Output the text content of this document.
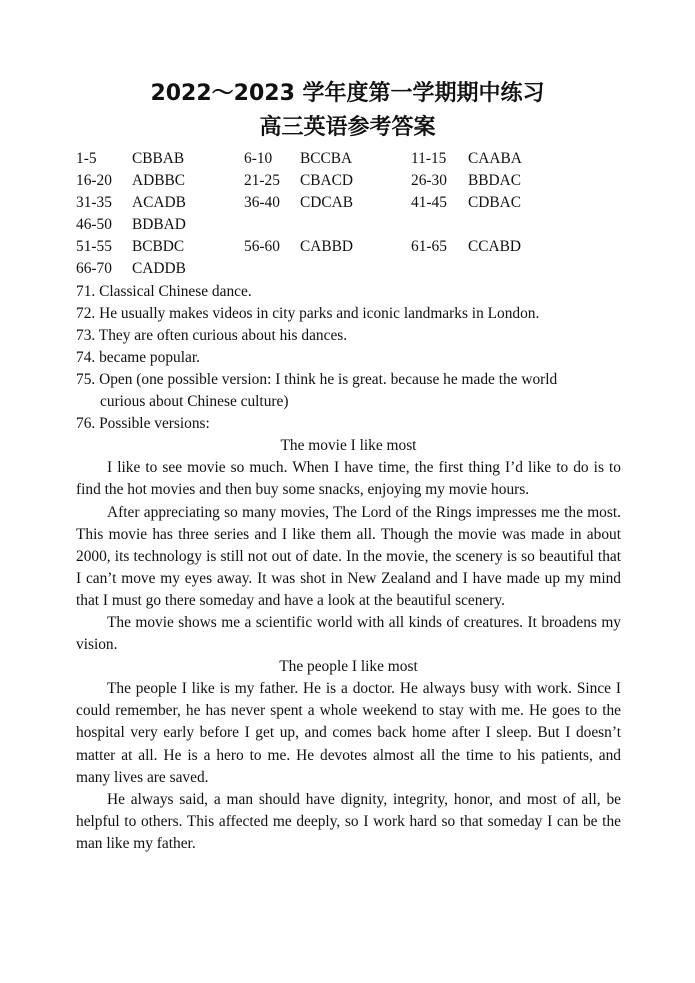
2022～2023 学年度第一学期期中练习
高三英语参考答案
1-5 CBBAB	6-10 BCCBA	11-15 CAABA
16-20 ADBBC	21-25 CBACD	26-30 BBDAC
31-35 ACADB	36-40 CDCAB	41-45 CDBAC
46-50 BDBAD
51-55 BCBDC	56-60 CABBD	61-65 CCABD
66-70 CADDB
71. Classical Chinese dance.
72. He usually makes videos in city parks and iconic landmarks in London.
73. They are often curious about his dances.
74. became popular.
75. Open (one possible version: I think he is great. because he made the world
curious about Chinese culture)
76. Possible versions:
The movie I like most

I like to see movie so much. When I have time, the first thing I’d like to do is to find the hot movies and then buy some snacks, enjoying my movie hours.

After appreciating so many movies, The Lord of the Rings impresses me the most. This movie has three series and I like them all. Though the movie was made in about 2000, its technology is still not out of date. In the movie, the scenery is so beautiful that I can’t move my eyes away. It was shot in New Zealand and I have made up my mind that I must go there someday and have a look at the beautiful scenery.

The movie shows me a scientific world with all kinds of creatures. It broadens my vision.

The people I like most

The people I like is my father. He is a doctor. He always busy with work. Since I could remember, he has never spent a whole weekend to stay with me. He goes to the hospital very early before I get up, and comes back home after I sleep. But I doesn’t matter at all. He is a hero to me. He devotes almost all the time to his patients, and many lives are saved.

He always said, a man should have dignity, integrity, honor, and most of all, be helpful to others. This affected me deeply, so I work hard so that someday I can be the man like my father.
